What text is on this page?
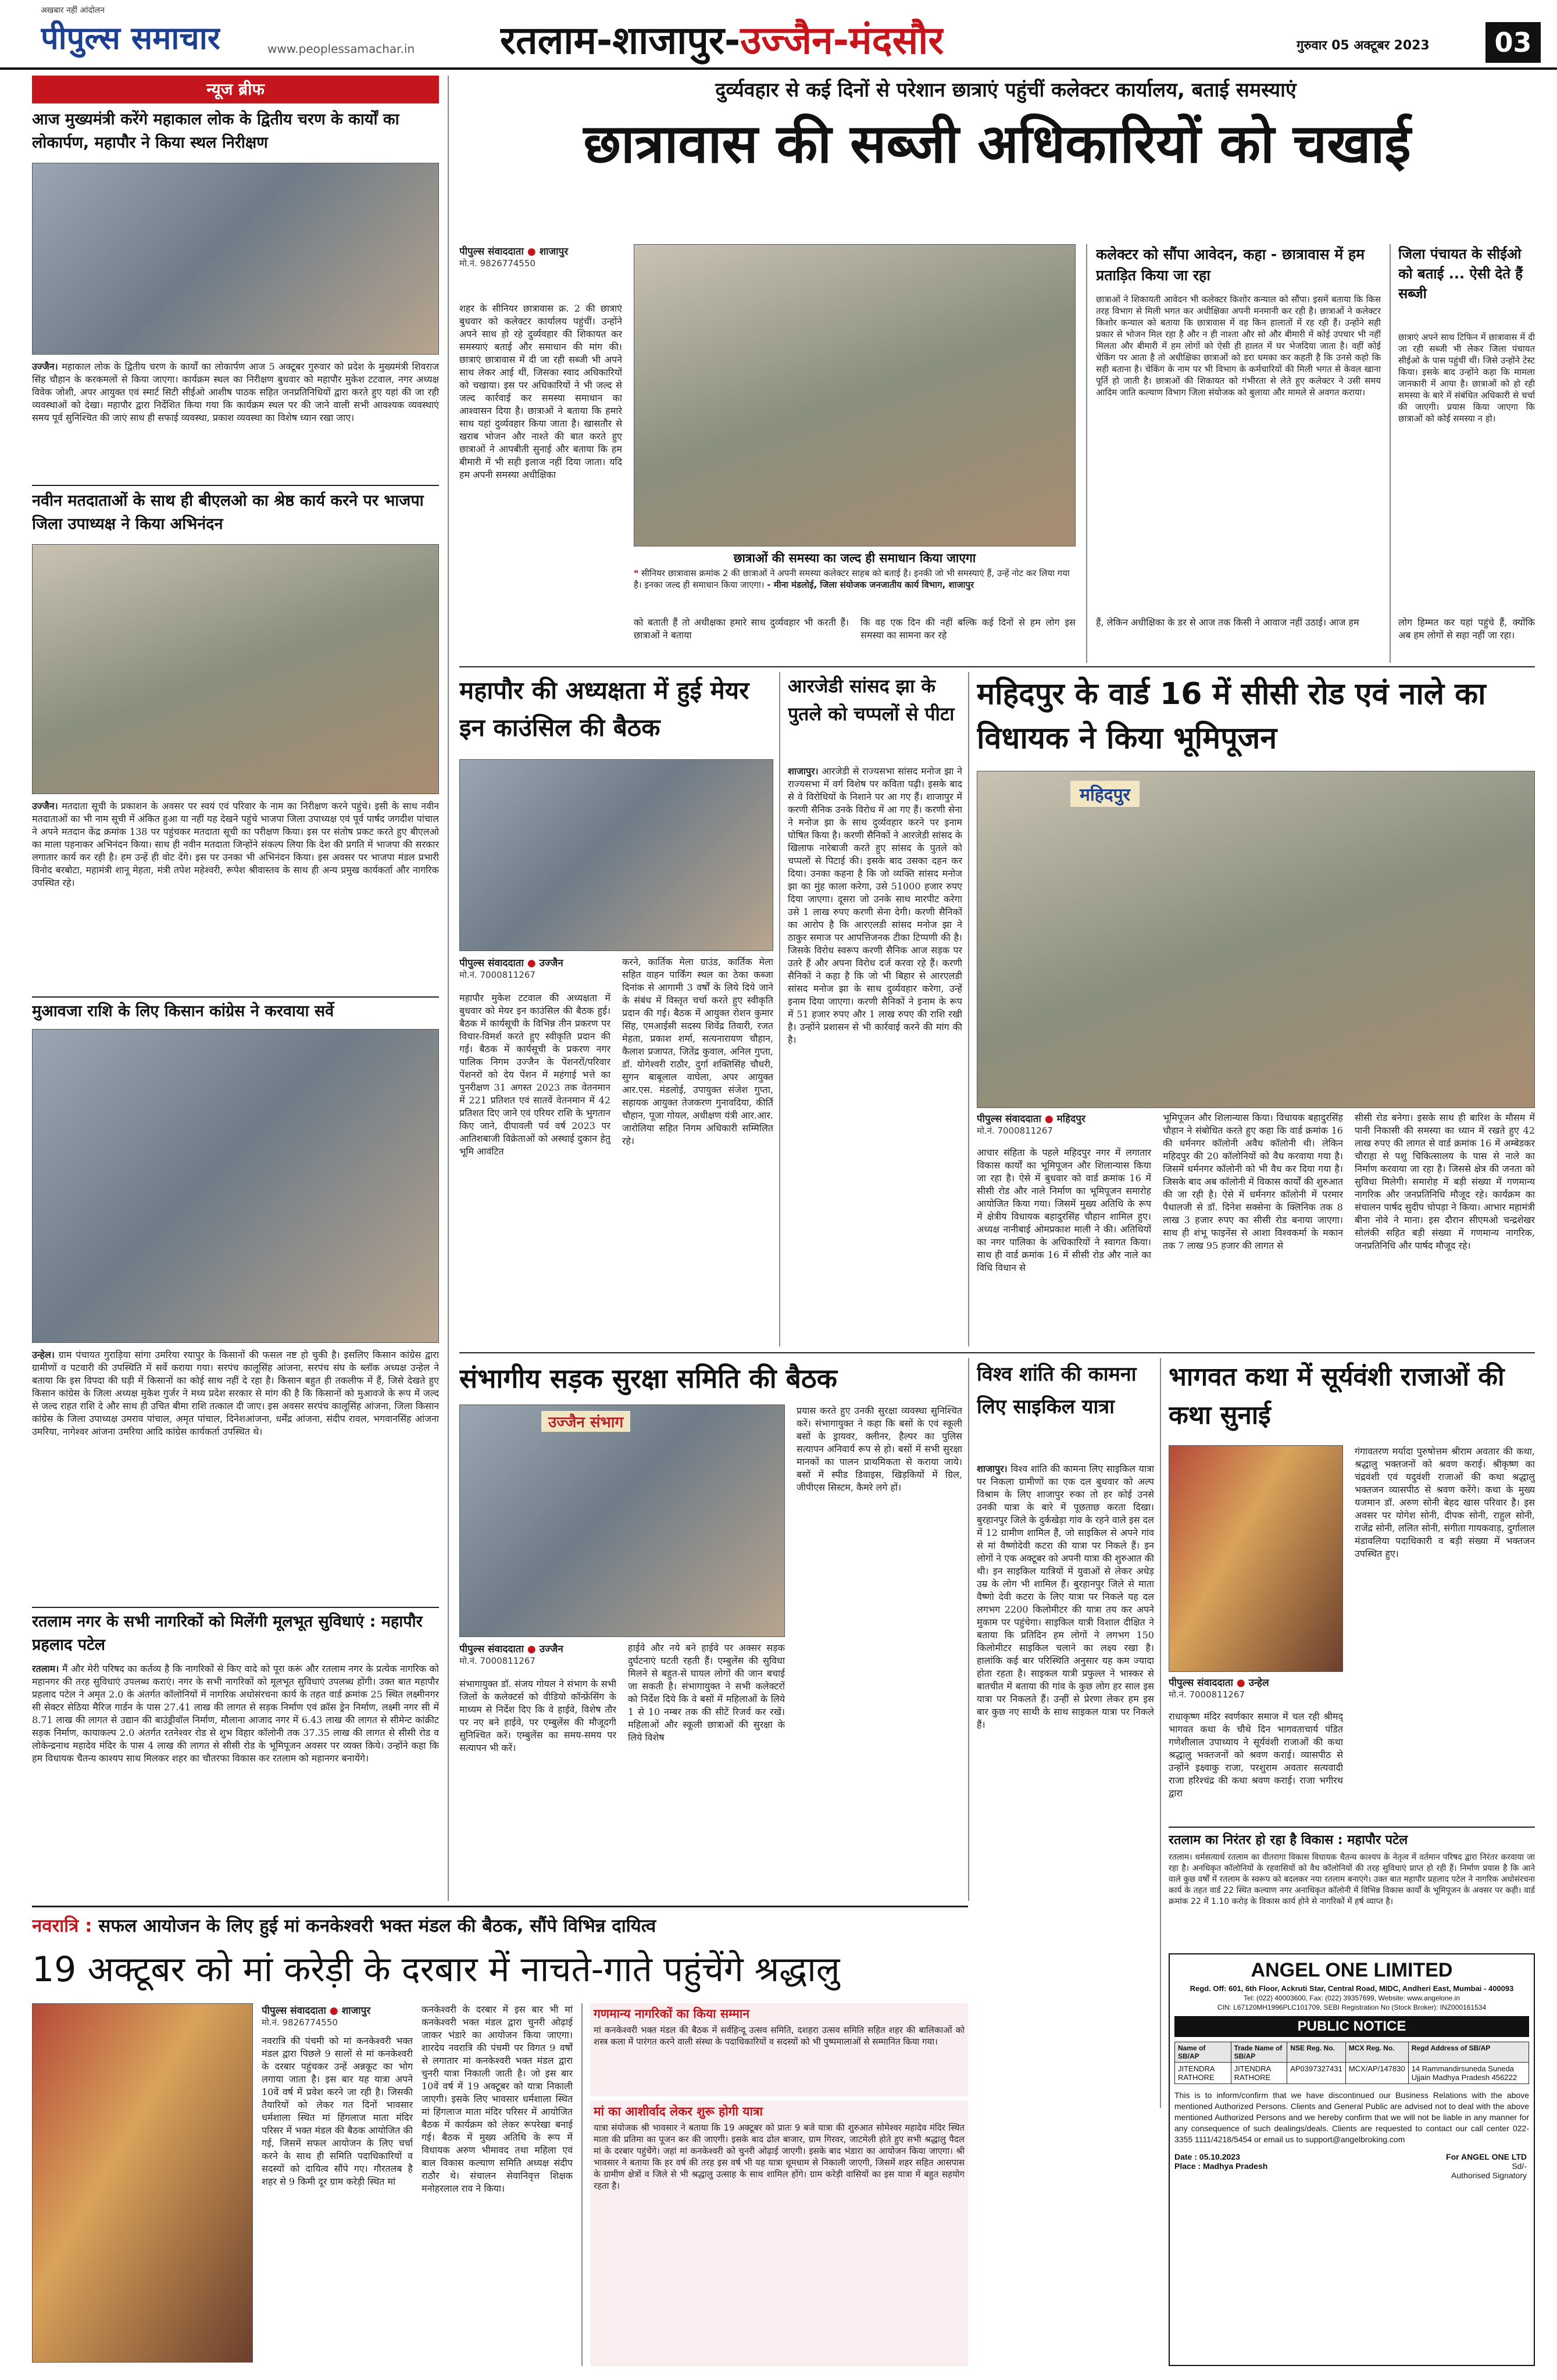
अखबार नहीं आंदोलन
पीपुल्स समाचार	www.peoplessamachar.in रतलाम-शाजापुर-उज्जैन-मंदसौर	गुरुवार 05 अक्टूबर 2023	03
न्यूज ब्रीफ
आज मुख्यमंत्री करेंगे महाकाल लोक के द्वितीय चरण के कार्यों का लोकार्पण, महापौर ने किया स्थल निरीक्षण
उज्जैन। महाकाल लोक के द्वितीय चरण के कार्यों का लोकार्पण आज 5 अक्टूबर गुरुवार को प्रदेश के मुख्यमंत्री शिवराज सिंह चौहान के करकमलों से किया जाएगा। कार्यक्रम स्थल का निरीक्षण बुधवार को महापौर मुकेश टटवाल, नगर अध्यक्ष विवेक जोशी, अपर आयुक्त एवं स्मार्ट सिटी सीईओ आशीष पाठक सहित जनप्रतिनिधियों द्वारा करते हुए यहां की जा रही व्यवस्थाओं को देखा। महापौर द्वारा निर्देशित किया गया कि कार्यक्रम स्थल पर की जाने वाली सभी आवश्यक व्यवस्थाएं समय पूर्व सुनिश्चित की जाएं साथ ही सफाई व्यवस्था, प्रकाश व्यवस्था का विशेष ध्यान रखा जाए।
नवीन मतदाताओं के साथ ही बीएलओ का श्रेष्ठ कार्य करने पर भाजपा जिला उपाध्यक्ष ने किया अभिनंदन
उज्जैन। मतदाता सूची के प्रकाशन के अवसर पर स्वयं एवं परिवार के नाम का निरीक्षण करने पहुंचे। इसी के साथ नवीन मतदाताओं का भी नाम सूची में अंकित हुआ या नहीं यह देखने पहुंचे भाजपा जिला उपाध्यक्ष एवं पूर्व पार्षद जगदीश पांचाल ने अपने मतदान केंद्र क्रमांक 138 पर पहुंचकर मतदाता सूची का परीक्षण किया। इस पर संतोष प्रकट करते हुए बीएलओ का माला पहनाकर अभिनंदन किया। साथ ही नवीन मतदाता जिन्होंने संकल्प लिया कि देश की प्रगति में भाजपा की सरकार लगातार कार्य कर रही है। हम उन्हें ही वोट देंगे। इस पर उनका भी अभिनंदन किया। इस अवसर पर भाजपा मंडल प्रभारी विनोद बरबोटा, महामंत्री शानू मेहता, मंत्री तपेश महेश्वरी, रूपेश श्रीवास्तव के साथ ही अन्य प्रमुख कार्यकर्ता और नागरिक उपस्थित रहे।
मुआवजा राशि के लिए किसान कांग्रेस ने करवाया सर्वे
उन्हेल। ग्राम पंचायत गुराड़िया सांगा उमरिया रयापुर के किसानों की फसल नष्ट हो चुकी है। इसलिए किसान कांग्रेस द्वारा ग्रामीणों व पटवारी की उपस्थिति में सर्वे कराया गया। सरपंच कालूसिंह आंजना, सरपंच संघ के ब्लॉक अध्यक्ष उन्हेल ने बताया कि इस विपदा की घड़ी में किसानों का कोई साथ नहीं दे रहा है। किसान बहुत ही तकलीफ में हैं, जिसे देखते हुए किसान कांग्रेस के जिला अध्यक्ष मुकेश गुर्जर ने मध्य प्रदेश सरकार से मांग की है कि किसानों को मुआवजे के रूप में जल्द से जल्द राहत राशि दे और साथ ही उचित बीमा राशि तत्काल दी जाए। इस अवसर सरपंच कालूसिंह आंजना, जिला किसान कांग्रेस के जिला उपाध्यक्ष उमराव पांचाल, अमृत पांचाल, दिनेशआंजना, धर्मेंद्र आंजना, संदीप रावल, भगवानसिंह आंजना उमरिया, नागेश्वर आंजना उमरिया आदि कांग्रेस कार्यकर्ता उपस्थित थे।
रतलाम नगर के सभी नागरिकों को मिलेंगी मूलभूत सुविधाएं : महापौर प्रहलाद पटेल
रतलाम। मैं और मेरी परिषद का कर्तव्य है कि नागरिकों से किए वादे को पूरा करूं और रतलाम नगर के प्रत्येक नागरिक को महानगर की तरह सुविधाएं उपलब्ध कराएं। नगर के सभी नागरिकों को मूलभूत सुविधाएं उपलब्ध होंगी। उक्त बात महापौर प्रहलाद पटेल ने अमृत 2.0 के अंतर्गत कॉलोनियों में नागरिक अधोसंरचना कार्य के तहत वार्ड क्रमांक 25 स्थित लक्ष्मीनगर सी सेक्टर सेठिया मैरिज गार्डन के पास 27.41 लाख की लागत से सड़क निर्माण एवं क्रॉस ड्रेन निर्माण, लक्ष्मी नगर सी में 8.71 लाख की लागत से उद्यान की बाउंड्रीवॉल निर्माण, मौलाना आजाद नगर में 6.43 लाख की लागत से सीमेन्ट कांक्रीट सड़क निर्माण, कायाकल्प 2.0 अंतर्गत रतनेश्वर रोड से शुभ विहार कॉलोनी तक 37.35 लाख की लागत से सीसी रोड व लोकेन्द्रनाथ महादेव मंदिर के पास 4 लाख की लागत से सीसी रोड के भूमिपूजन अवसर पर व्यक्त किये। उन्होंने कहा कि हम विधायक चैतन्य काश्यप साथ मिलकर शहर का चौतरफा विकास कर रतलाम को महानगर बनायेंगे।
दुर्व्यवहार से कई दिनों से परेशान छात्राएं पहुंचीं कलेक्टर कार्यालय, बताई समस्याएं
छात्रावास की सब्जी अधिकारियों को चखाई
पीपुल्स संवाददाता ● शाजापुर
मो.नं. 9826774550
शहर के सीनियर छात्रावास क्र. 2 की छात्राएं बुधवार को कलेक्टर कार्यालय पहुंचीं। उन्होंने अपने साथ हो रहे दुर्व्यवहार की शिकायत कर समस्याएं बताई और समाधान की मांग की। छात्राएं छात्रावास में दी जा रही सब्जी भी अपने साथ लेकर आई थीं, जिसका स्वाद अधिकारियों को चखाया। इस पर अधिकारियों ने भी जल्द से जल्द कार्रवाई कर समस्या समाधान का आश्वासन दिया है। छात्राओं ने बताया कि हमारे साथ यहां दुर्व्यवहार किया जाता है। खासतौर से खराब भोजन और नाश्ते की बात करते हुए छात्राओं ने आपबीती सुनाई और बताया कि हम बीमारी में भी सही इलाज नहीं दिया जाता। यदि हम अपनी समस्या अधीक्षिका
छात्राओं की समस्या का जल्द ही समाधान किया जाएगा
❝ सीनियर छात्रावास क्रमांक 2 की छात्राओं ने अपनी समस्या कलेक्टर साहब को बताई है। इनकी जो भी समस्याएं हैं, उन्हें नोट कर लिया गया है। इनका जल्द ही समाधान किया जाएगा। - मीना मंडलोई, जिला संयोजक जनजातीय कार्य विभाग, शाजापुर
को बताती हैं तो अधीक्षका हमारे साथ दुर्व्यवहार भी करती हैं। छात्राओं ने बताया
कि वह एक दिन की नहीं बल्कि कई दिनों से हम लोग इस समस्या का सामना कर रहे
कलेक्टर को सौंपा आवेदन, कहा - छात्रावास में हम प्रताड़ित किया जा रहा
छात्राओं ने शिकायती आवेदन भी कलेक्टर किशोर कन्याल को सौंपा। इसमें बताया कि किस तरह विभाग से मिली भगत कर अधीक्षिका अपनी मनमानी कर रही है। छात्राओं ने कलेक्टर किशोर कन्याल को बताया कि छात्रावास में वह किन हालातों में रह रही हैं। उन्होंने सही प्रकार से भोजन मिल रहा है और न ही नाश्ता और सो और बीमारी में कोई उपचार भी नहीं मिलता और बीमारी में हम लोगों को ऐसी ही हालत में घर भेजदिया जाता है। वहीं कोई चेकिंग पर आता है तो अधीक्षिका छात्राओं को डरा धमका कर कहती है कि उनसे कहो कि सही बताना है। चेकिंग के नाम पर भी विभाग के कर्मचारियों की मिली भगत से केवल खाना पूर्ति हो जाती है। छात्राओं की शिकायत को गंभीरता से लेते हुए कलेक्टर ने उसी समय आदिम जाति कल्याण विभाग जिला संयोजक को बुलाया और मामले से अवगत कराया।
हैं, लेकिन अधीक्षिका के डर से आज तक किसी ने आवाज नहीं उठाई। आज हम
जिला पंचायत के सीईओ को बताई ... ऐसी देते हैं सब्जी
छात्राएं अपने साथ टिफिन में छात्रावास में दी जा रही सब्जी भी लेकर जिला पंचायत सीईओ के पास पहुंचीं थीं। जिसे उन्होंने टेस्ट किया। इसके बाद उन्होंने कहा कि मामला जानकारी में आया है। छात्राओं को हो रही समस्या के बारे में संबंधित अधिकारी से चर्चा की जाएगी। प्रयास किया जाएगा कि छात्राओं को कोई समस्या न हो।
लोग हिम्मत कर यहां पहुंचे हैं, क्योंकि अब हम लोगों से सहा नहीं जा रहा।
महापौर की अध्यक्षता में हुई मेयर इन काउंसिल की बैठक
पीपुल्स संवाददाता ● उज्जैन
मो.नं. 7000811267
महापौर मुकेश टटवाल की अध्यक्षता में बुधवार को मेयर इन काउंसिल की बैठक हुई। बैठक में कार्यसूची के विभिन्न तीन प्रकरण पर विचार-विमर्श करते हुए स्वीकृति प्रदान की गई। बैठक में कार्यसूची के प्रकरण नगर पालिक निगम उज्जैन के पेंशनरों/परिवार पेंशनरों को देय पेंशन में महंगाई भत्ते का पुनरीक्षण 31 अगस्त 2023 तक वेतनमान में 221 प्रतिशत एवं सातवें वेतनमान में 42 प्रतिशत दिए जाने एवं एरियर राशि के भुगतान किए जाने, दीपावली पर्व वर्ष 2023 पर आतिशबाजी विक्रेताओं को अस्थाई दुकान हेतु भूमि आवंटित
करने, कार्तिक मेला ग्राउंड, कार्तिक मेला सहित वाहन पार्किंग स्थल का ठेका कब्जा दिनांक से आगामी 3 वर्षों के लिये दिये जाने के संबंध में विस्तृत चर्चा करते हुए स्वीकृति प्रदान की गई। बैठक में आयुक्त रोशन कुमार सिंह, एमआईसी सदस्य शिवेंद्र तिवारी, रजत मेहता, प्रकाश शर्मा, सत्यनारायण चौहान, कैलाश प्रजापत, जितेंद्र कुवाल, अनिल गुप्ता, डॉ. योगेश्वरी राठौर, दुर्गा शक्तिसिंह चौधरी, सुगन बाबूलाल वाघेला, अपर आयुक्त आर.एस. मंडलोई, उपायुक्त संजेश गुप्ता, सहायक आयुक्त तेजकरण गुनावदिया, कीर्ति चौहान, पूजा गोयल, अधीक्षण यंत्री आर.आर. जारोलिया सहित निगम अधिकारी सम्मिलित रहे।
आरजेडी सांसद झा के पुतले को चप्पलों से पीटा
शाजापुर। आरजेडी से राज्यसभा सांसद मनोज झा ने राज्यसभा में वर्ग विशेष पर कविता पढ़ी। इसके बाद से वे विरोधियों के निशाने पर आ गए हैं। शाजापुर में करणी सैनिक उनके विरोध में आ गए हैं। करणी सेना ने मनोज झा के साथ दुर्व्यवहार करने पर इनाम घोषित किया है। करणी सैनिकों ने आरजेडी सांसद के खिलाफ नारेबाजी करते हुए सांसद के पुतले को चप्पलों से पिटाई की। इसके बाद उसका दहन कर दिया। उनका कहना है कि जो व्यक्ति सांसद मनोज झा का मुंह काला करेगा, उसे 51000 हजार रुपए दिया जाएगा। दूसरा जो उनके साथ मारपीट करेगा उसे 1 लाख रुपए करणी सेना देगी। करणी सैनिकों का आरोप है कि आरएलडी सांसद मनोज झा ने ठाकुर समाज पर आपत्तिजनक टीका टिप्पणी की है। जिसके विरोध स्वरूप करणी सैनिक आज सड़क पर उतरे हैं और अपना विरोध दर्ज करवा रहे हैं। करणी सैनिकों ने कहा है कि जो भी बिहार से आरएलडी सांसद मनोज झा के साथ दुर्व्यवहार करेगा, उन्हें इनाम दिया जाएगा। करणी सैनिकों ने इनाम के रूप में 51 हजार रुपए और 1 लाख रुपए की राशि रखी है। उन्होंने प्रशासन से भी कार्रवाई करने की मांग की है।
महिदपुर के वार्ड 16 में सीसी रोड एवं नाले का विधायक ने किया भूमिपूजन
महिदपुर
पीपुल्स संवाददाता ● महिदपुर
मो.नं. 7000811267
आचार संहिता के पहले महिदपुर नगर में लगातार विकास कार्यों का भूमिपूजन और शिलान्यास किया जा रहा है। ऐसे में बुधवार को वार्ड क्रमांक 16 में सीसी रोड और नाले निर्माण का भूमिपूजन समारोह आयोजित किया गया। जिसमें मुख्य अतिथि के रूप में क्षेत्रीय विधायक बहादुरसिंह चौहान शामिल हुए। अध्यक्ष नानीबाई ओमप्रकाश माली ने की। अतिथियों का नगर पालिका के अधिकारियों ने स्वागत किया। साथ ही वार्ड क्रमांक 16 में सीसी रोड और नाले का विधि विधान से
भूमिपूजन और शिलान्यास किया। विधायक बहादुरसिंह चौहान ने संबोधित करते हुए कहा कि वार्ड क्रमांक 16 की धर्मनगर कॉलोनी अवैध कॉलोनी थी। लेकिन महिदपुर की 20 कॉलोनियों को वैध करवाया गया है। जिसमें धर्मनगर कॉलोनी को भी वैध कर दिया गया है। जिसके बाद अब कॉलोनी में विकास कार्यों की शुरुआत की जा रही है। ऐसे में धर्मनगर कॉलोनी में परमार पैथालजी से डॉ. दिनेश सक्सेना के क्लिनिक तक 8 लाख 3 हजार रुपए का सीसी रोड बनाया जाएगा। साथ ही शंभू फाइनेंस से आशा विश्वकर्मा के मकान तक 7 लाख 95 हजार की लागत से
सीसी रोड बनेगा। इसके साथ ही बारिश के मौसम में पानी निकासी की समस्या का ध्यान में रखते हुए 42 लाख रुपए की लागत से वार्ड क्रमांक 16 में अम्बेडकर चौराहा से पशु चिकित्सालय के पास से नाले का निर्माण करवाया जा रहा है। जिससे क्षेत्र की जनता को सुविधा मिलेगी। समारोह में बड़ी संख्या में गणमान्य नागरिक और जनप्रतिनिधि मौजूद रहे। कार्यक्रम का संचालन पार्षद सुदीप चोपड़ा ने किया। आभार महामंत्री बीना नोवे ने माना। इस दौरान सीएमओ चन्द्रशेखर सोलंकी सहित बड़ी संख्या में गणमान्य नागरिक, जनप्रतिनिधि और पार्षद मौजूद रहे।
संभागीय सड़क सुरक्षा समिति की बैठक
उज्जैन संभाग
पीपुल्स संवाददाता ● उज्जैन
मो.नं. 7000811267
संभागायुक्त डॉ. संजय गोयल ने संभाग के सभी जिलों के कलेक्टर्स को वीडियो कॉन्फ्रेंसिंग के माध्यम से निर्देश दिए कि वे हाईवे, विशेष तौर पर नए बने हाईवे, पर एम्बुलेंस की मौजूदगी सुनिश्चित करें। एम्बुलेंस का समय-समय पर सत्यापन भी करें।
हाईवे और नये बने हाईवे पर अक्सर सड़क दुर्घटनाएं घटती रहती हैं। एम्बुलेंस की सुविधा मिलने से बहुत-से घायल लोगों की जान बचाई जा सकती है। संभागायुक्त ने सभी कलेक्टरों को निर्देश दिये कि वे बसों में महिलाओं के लिये 1 से 10 नम्बर तक की सीटें रिजर्व कर रखें। महिलाओं और स्कूली छात्राओं की सुरक्षा के लिये विशेष
प्रयास करते हुए उनकी सुरक्षा व्यवस्था सुनिश्चित करें। संभागायुक्त ने कहा कि बसों के एवं स्कूली बसों के ड्रायवर, क्लीनर, हैल्पर का पुलिस सत्यापन अनिवार्य रूप से हो। बसों में सभी सुरक्षा मानकों का पालन प्राथमिकता से कराया जाये। बसों में स्पीड डिवाइस, खिड़कियों में ग्रिल, जीपीएस सिस्टम, कैमरे लगे हों।
विश्व शांति की कामना लिए साइकिल यात्रा
शाजापुर। विश्व शांति की कामना लिए साइकिल यात्रा पर निकला ग्रामीणों का एक दल बुधवार को अल्प विश्राम के लिए शाजापुर रुका तो हर कोई उनसे उनकी यात्रा के बारे में पूछताछ करता दिखा। बुरहानपुर जिले के दुर्कखेड़ा गांव के रहने वाले इस दल में 12 ग्रामीण शामिल हैं, जो साइकिल से अपने गांव से मां वैष्णोदेवी कटरा की यात्रा पर निकले हैं। इन लोगों ने एक अक्टूबर को अपनी यात्रा की शुरुआत की थी। इन साइकिल यात्रियों में युवाओं से लेकर अधेड़ उम्र के लोग भी शामिल हैं। बुरहानपुर जिले से माता वैष्णो देवी कटरा के लिए यात्रा पर निकले यह दल लगभग 2200 किलोमीटर की यात्रा तय कर अपने मुकाम पर पहुंचेगा। साइकिल यात्री विशाल दीक्षित ने बताया कि प्रतिदिन हम लोगों ने लगभग 150 किलोमीटर साइकिल चलाने का लक्ष्य रखा है। हालांकि कई बार परिस्थिति अनुसार यह कम ज्यादा होता रहता है। साइकल यात्री प्रफुल्ल ने भास्कर से बातचीत में बताया की गांव के कुछ लोग हर साल इस यात्रा पर निकलते हैं। उन्हीं से प्रेरणा लेकर हम इस बार कुछ नए साथी के साथ साइकल यात्रा पर निकले हैं।
भागवत कथा में सूर्यवंशी राजाओं की कथा सुनाई
पीपुल्स संवाददाता ● उन्हेल
मो.नं. 7000811267
राधाकृष्ण मंदिर स्वर्णकार समाज में चल रही श्रीमद् भागवत कथा के चौथे दिन भागवताचार्य पंडित गणेशीलाल उपाध्याय ने सूर्यवंशी राजाओं की कथा श्रद्धालु भक्तजनों को श्रवण कराई। व्यासपीठ से उन्होंने इक्ष्वाकु राजा, परशुराम अवतार सत्यवादी राजा हरिश्चंद्र की कथा श्रवण कराई। राजा भगीरथ द्वारा
गंगावतरण मर्यादा पुरुषोत्तम श्रीराम अवतार की कथा, श्रद्धालु भक्तजनों को श्रवण कराई। श्रीकृष्ण का चंद्रवंशी एवं यदुवंशी राजाओं की कथा श्रद्धालु भक्तजन व्यासपीठ से श्रवण करेंगे। कथा के मुख्य यजमान डॉ. अरुण सोनी बेहद खास परिवार है। इस अवसर पर योगेश सोनी, दीपक सोनी, राहुल सोनी, राजेंद्र सोनी, ललित सोनी, संगीता गायकवाड़, दुर्गालाल मंडावलिया पदाधिकारी व बड़ी संख्या में भक्तजन उपस्थित हुए।
रतलाम का निरंतर हो रहा है विकास : महापौर पटेल
रतलाम। धर्मसत्यार्थ रतलाम का वीतरागा विकास विधायक चैतन्य काश्यप के नेतृत्व में वर्तमान परिषद द्वारा निरंतर करवाया जा रहा है। अनधिकृत कॉलोनियों के रहवासियों को वैध कॉलोनियों की तरह सुविधाएं प्राप्त हो रही हैं। निर्माण प्रयास है कि आने वाले कुछ वर्षों में रतलाम के स्वरूप को बदलकर नया रतलाम बनाएंगे। उक्त बात महापौर प्रहलाद पटेल ने नागरिक अधोसंरचना कार्य के तहत वार्ड 22 स्थित कल्याण नगर अनाधिकृत कॉलोनी में विभिन्न विकास कार्यों के भूमिपूजन के अवसर पर कही। वार्ड क्रमांक 22 में 1.10 करोड़ के विकास कार्य होने से नागरिकों में हर्ष व्याप्त है।
नवरात्रि : सफल आयोजन के लिए हुई मां कनकेश्वरी भक्त मंडल की बैठक, सौंपे विभिन्न दायित्व
19 अक्टूबर को मां करेड़ी के दरबार में नाचते-गाते पहुंचेंगे श्रद्धालु
पीपुल्स संवाददाता ● शाजापुर
मो.नं. 9826774550
नवरात्रि की पंचमी को मां कनकेश्वरी भक्त मंडल द्वारा पिछले 9 सालों से मां कनकेश्वरी के दरबार पहुंचकर उन्हें अन्नकूट का भोग लगाया जाता है। इस बार यह यात्रा अपने 10वें वर्ष में प्रवेश करने जा रही है। जिसकी तैयारियों को लेकर गत दिनों भावसार धर्मशाला स्थित मां हिंगलाज माता मंदिर परिसर में भक्त मंडल की बैठक आयोजित की गई, जिसमें सफल आयोजन के लिए चर्चा करने के साथ ही समिति पदाधिकारियों व सदस्यों को दायित्व सौंपे गए। गौरतलब है शहर से 9 किमी दूर ग्राम करेड़ी स्थित मां
कनकेश्वरी के दरबार में इस बार भी मां कनकेश्वरी भक्त मंडल द्वारा चुनरी ओढ़ाई जाकर भंडारे का आयोजन किया जाएगा। शारदेय नवरात्रि की पंचमी पर विगत 9 वर्षों से लगातार मां कनकेश्वरी भक्त मंडल द्वारा चुनरी यात्रा निकाली जाती है। जो इस बार 10वें वर्ष में 19 अक्टूबर को यात्रा निकाली जाएगी। इसके लिए भावसार धर्मशाला स्थित मां हिंगलाज माता मंदिर परिसर में आयोजित बैठक में कार्यक्रम को लेकर रूपरेखा बनाई गई। बैठक में मुख्य अतिथि के रूप में विधायक अरुण भीमावद तथा महिला एवं बाल विकास कल्याण समिति अध्यक्ष संदीप राठौर थे। संचालन सेवानिवृत्त शिक्षक मनोहरलाल राव ने किया।
गणमान्य नागरिकों का किया सम्मान
मां कनकेश्वरी भक्त मंडल की बैठक में सर्वहिन्दू उत्सव समिति, दशहरा उत्सव समिति सहित शहर की बालिकाओं को शस्त्र कला में पारंगत करने वाली संस्था के पदाधिकारियों व सदस्यों को भी पुष्पमालाओं से सम्मानित किया गया।
मां का आशीर्वाद लेकर शुरू होगी यात्रा
यात्रा संयोजक श्री भावसार ने बताया कि 19 अक्टूबर को प्रातः 9 बजे यात्रा की शुरुआत सोमेश्वर महादेव मंदिर स्थित माता की प्रतिमा का पूजन कर की जाएगी। इसके बाद ढोल बाजार, ग्राम गिरवर, जाटमेली होते हुए सभी श्रद्धालु पैदल मां के दरबार पहुंचेंगे। जहां मां कनकेश्वरी को चुनरी ओढ़ाई जाएगी। इसके बाद भंडारा का आयोजन किया जाएगा। श्री भावसार ने बताया कि हर वर्ष की तरह इस वर्ष भी यह यात्रा धूमधाम से निकाली जाएगी, जिसमें शहर सहित आसपास के ग्रामीण क्षेत्रों व जिले से भी श्रद्धालु उत्साह के साथ शामिल होंगे। ग्राम करेड़ी वासियों का इस यात्रा में बहुत सहयोग रहता है।
ANGEL ONE LIMITED
Regd. Off: 601, 6th Floor, Ackruti Star, Central Road, MIDC, Andheri East, Mumbai - 400093
Tel: (022) 40003600, Fax: (022) 39357699, Website: www.angelone.in
CIN: L67120MH1996PLC101709, SEBI Registration No (Stock Broker): INZ000161534
PUBLIC NOTICE
Name of SB/AP	Trade Name of SB/AP	NSE Reg. No.	MCX Reg. No.	Regd Address of SB/AP
JITENDRA RATHORE	JITENDRA RATHORE	AP0397327431	MCX/AP/147830	14 Rammandirsuneda Suneda Ujjain Madhya Pradesh 456222
This is to inform/confirm that we have discontinued our Business Relations with the above mentioned Authorized Persons. Clients and General Public are advised not to deal with the above mentioned Authorized Persons and we hereby confirm that we will not be liable in any manner for any consequence of such dealings/deals. Clients are requested to contact our call center 022-3355 1111/4218/5454 or email us to support@angelbroking.com
Date : 05.10.2023
Place : Madhya Pradesh
For ANGEL ONE LTD
Sd/-
Authorised Signatory
